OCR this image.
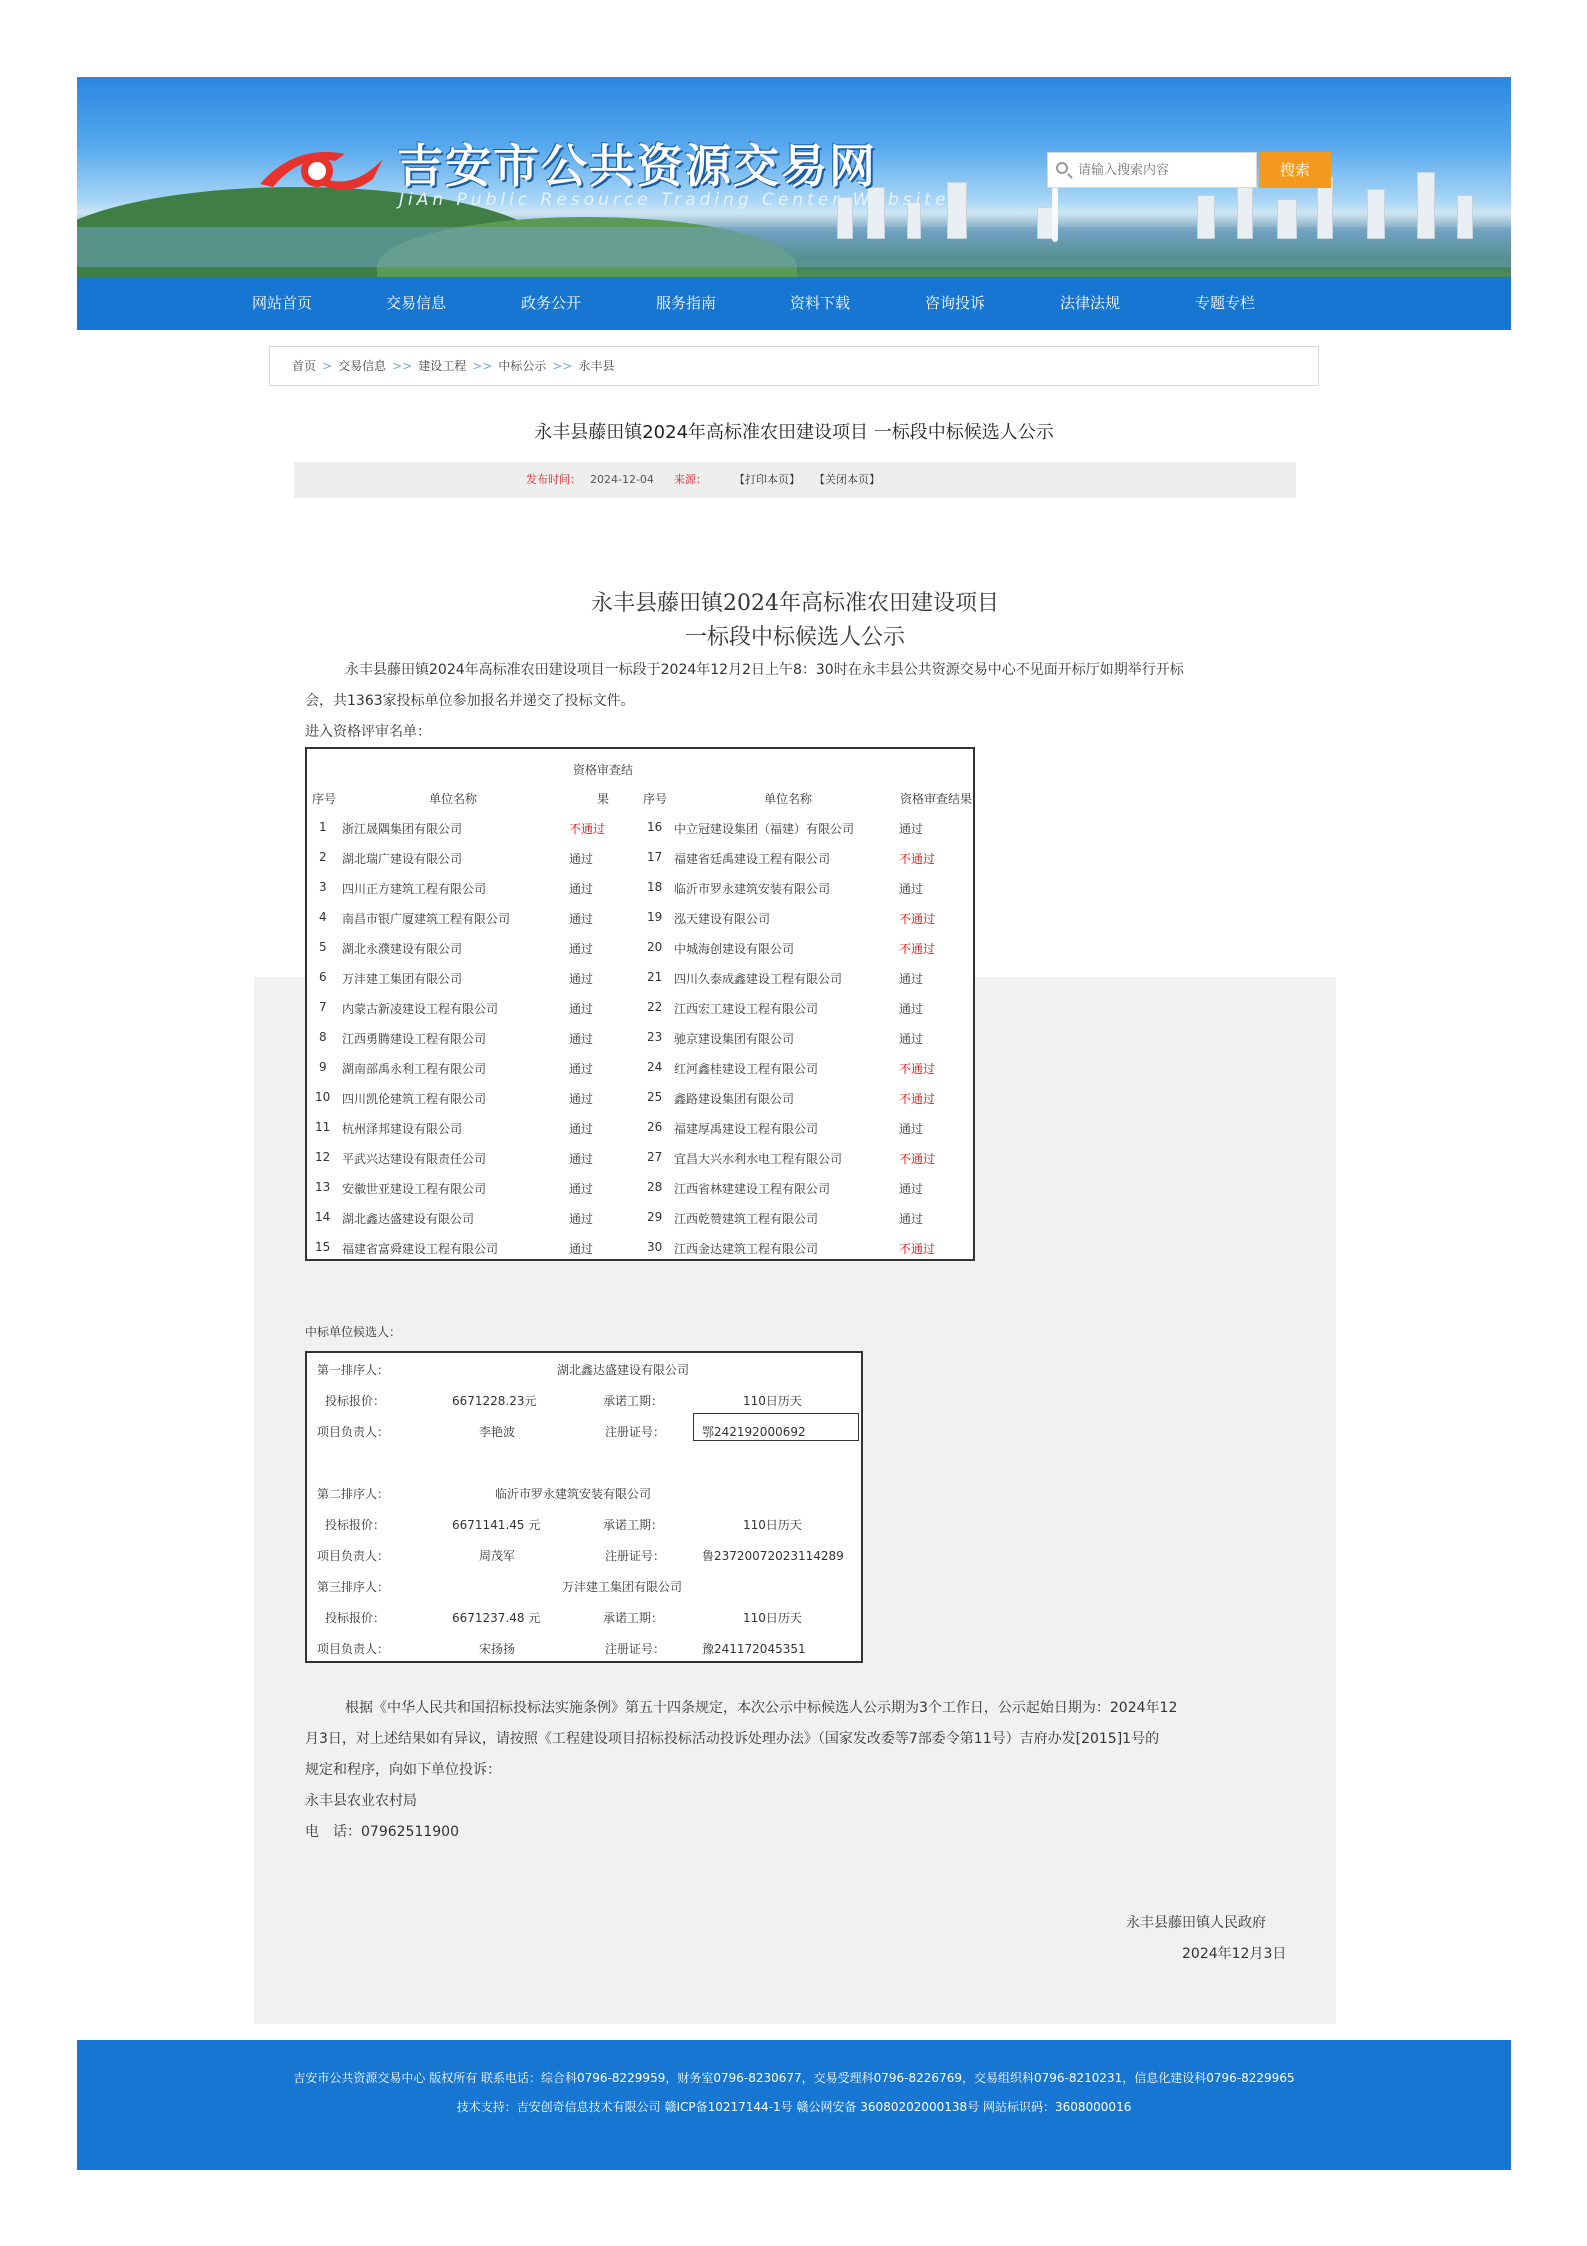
吉安市公共资源交易网
JiAn Public Resource Trading Center Website
请输入搜索内容
搜索
网站首页	交易信息	政务公开	服务指南	资料下载	咨询投诉	法律法规	专题专栏
首页 > 交易信息 >> 建设工程 >> 中标公示 >> 永丰县
永丰县藤田镇2024年高标准农田建设项目 一标段中标候选人公示
发布时间： 2024-12-04 来源： 【打印本页】 【关闭本页】
永丰县藤田镇2024年高标准农田建设项目
一标段中标候选人公示
永丰县藤田镇2024年高标准农田建设项目一标段于2024年12月2日上午8：30时在永丰县公共资源交易中心不见面开标厅如期举行开标
会，共1363家投标单位参加报名并递交了投标文件。
进入资格评审名单：
资格审查结
序号	单位名称	果	序号	单位名称	资格审查结果
1 浙江晟隅集团有限公司	不通过
2 湖北瑞广建设有限公司	通过
3 四川正方建筑工程有限公司	通过
4 南昌市银广厦建筑工程有限公司	通过
5 湖北永濮建设有限公司	通过
6 万沣建工集团有限公司	通过
7 内蒙古新凌建设工程有限公司	通过
8 江西勇腾建设工程有限公司	通过
9 湖南部禹永利工程有限公司	通过
10 四川凯伦建筑工程有限公司	通过
11 杭州泽邦建设有限公司	通过
12 平武兴达建设有限责任公司	通过
13 安徽世亚建设工程有限公司	通过
14 湖北鑫达盛建设有限公司	通过
15 福建省富舜建设工程有限公司	通过
16 中立冠建设集团（福建）有限公司	通过
17 福建省廷禹建设工程有限公司	不通过
18 临沂市罗永建筑安装有限公司	通过
19 泓天建设有限公司	不通过
20 中城海创建设有限公司	不通过
21 四川久泰成鑫建设工程有限公司	通过
22 江西宏工建设工程有限公司	通过
23 驰京建设集团有限公司	通过
24 红河鑫桂建设工程有限公司	不通过
25 鑫路建设集团有限公司	不通过
26 福建厚禹建设工程有限公司	通过
27 宜昌大兴水利水电工程有限公司	不通过
28 江西省林建建设工程有限公司	通过
29 江西乾赞建筑工程有限公司	通过
30 江西金达建筑工程有限公司	不通过
中标单位候选人：
第一排序人：	湖北鑫达盛建设有限公司
投标报价：	6671228.23元	承诺工期：	110日历天
项目负责人：	李艳波	注册证号：	鄂242192000692
第二排序人：	临沂市罗永建筑安装有限公司
投标报价：	6671141.45 元	承诺工期：	110日历天
项目负责人：	周茂军	注册证号：	鲁237200720231142​89
第三排序人：	万沣建工集团有限公司
投标报价：	6671237.48 元	承诺工期：	110日历天
项目负责人：	宋扬扬	注册证号：	豫241172045351
根据《中华人民共和国招标投标法实施条例》第五十四条规定，本次公示中标候选人公示期为3个工作日，公示起始日期为：2024年12
月3日，对上述结果如有异议，请按照《工程建设项目招标投标活动投诉处理办法》（国家发改委等7部委令第11号）吉府办发[2015]1号的
规定和程序，向如下单位投诉：
永丰县农业农村局
电　话：07962511900
永丰县藤田镇人民政府
2024年12月3日
吉安市公共资源交易中心 版权所有 联系电话：综合科0796-8229959，财务室0796-8230677，交易受理科0796-8226769，交易组织科0796-8210231，信息化建设科0796-8229965
技术支持：吉安创奇信息技术有限公司 赣ICP备10217144-1号 赣公网安备 36080202000138号 网站标识码：3608000016
